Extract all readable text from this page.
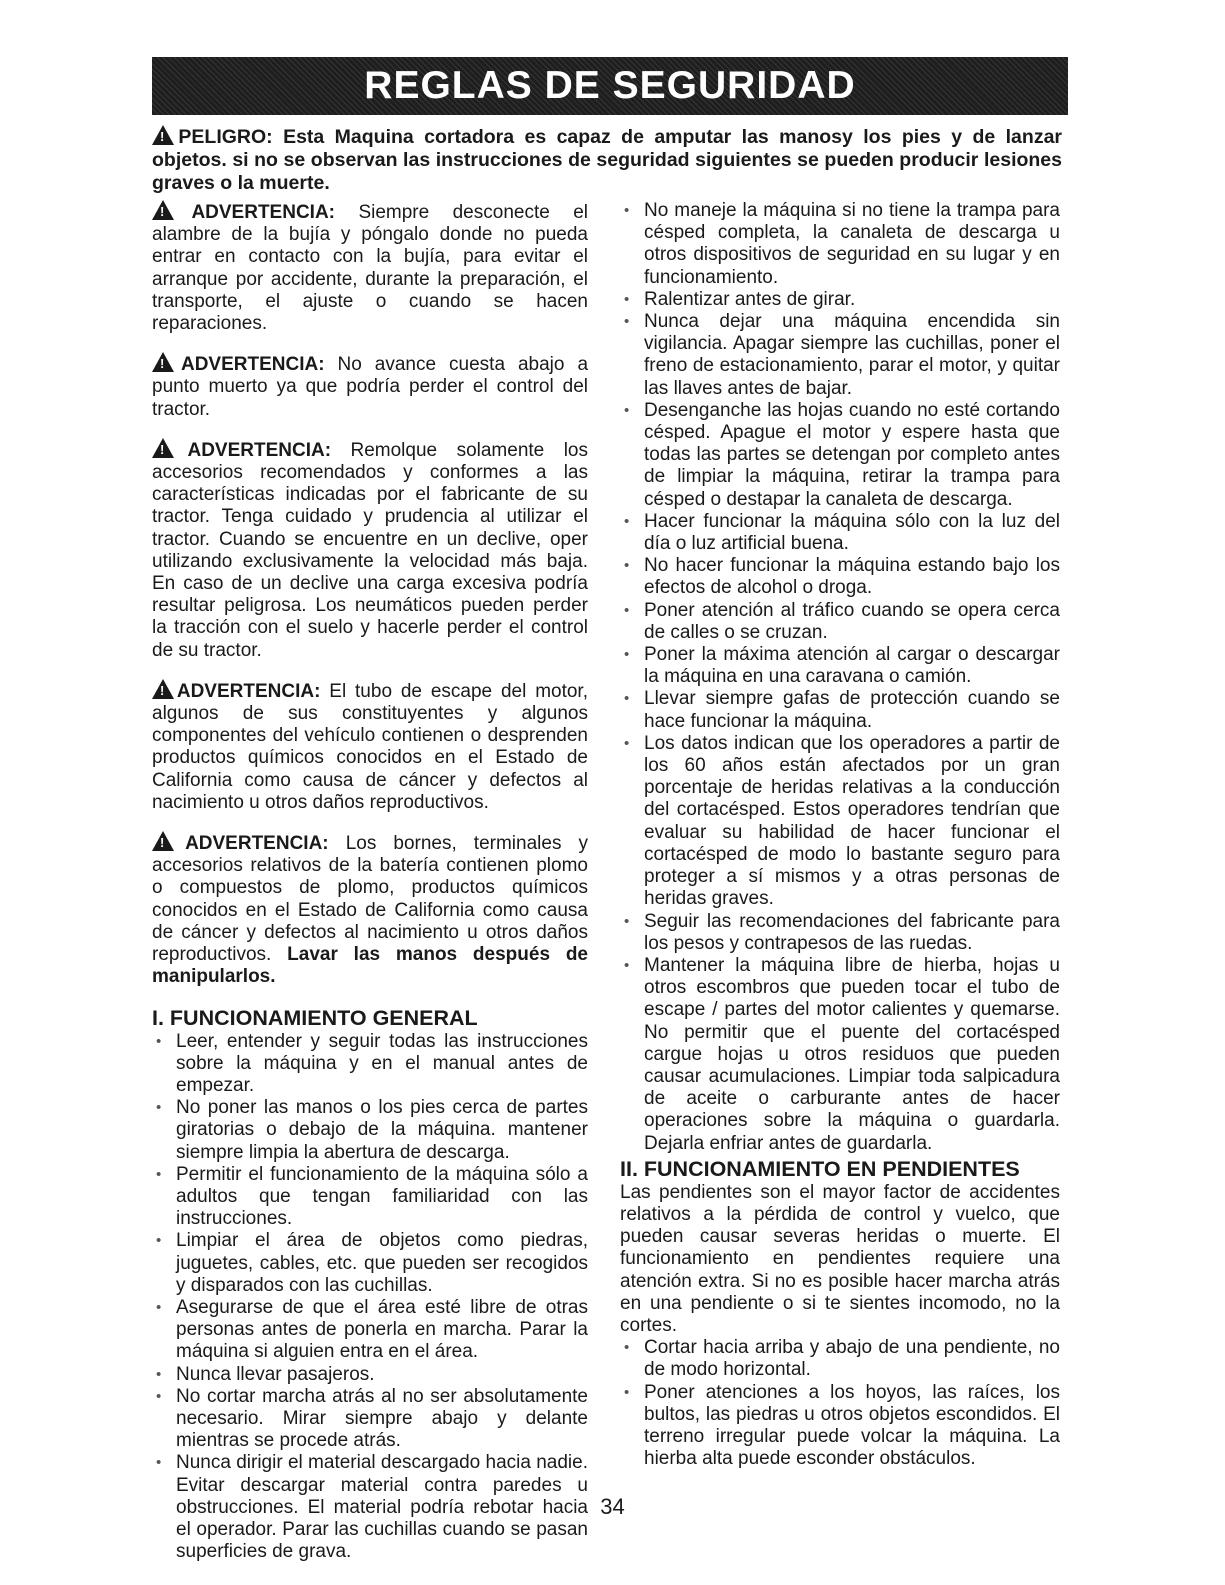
REGLAS DE SEGURIDAD
! PELIGRO: Esta Maquina cortadora es capaz de amputar las manosy los pies y de lanzar objetos. si no se observan las instrucciones de seguridad siguientes se pueden producir lesiones graves o la muerte.

! ADVERTENCIA: Siempre desconecte el alambre de la bujía y póngalo donde no pueda entrar en contacto con la bujía, para evitar el arranque por accidente, durante la preparación, el transporte, el ajuste o cuando se hacen reparaciones.

! ADVERTENCIA: No avance cuesta abajo a punto muerto ya que podría perder el control del tractor.

! ADVERTENCIA: Remolque solamente los accesorios recomendados y conformes a las características indicadas por el fabricante de su tractor. Tenga cuidado y prudencia al utilizar el tractor. Cuando se encuentre en un declive, oper utilizando exclusivamente la velocidad más baja. En caso de un declive una carga excesiva podría resultar peligrosa. Los neumáticos pueden perder la tracción con el suelo y hacerle perder el control de su tractor.

! ADVERTENCIA: El tubo de escape del motor, algunos de sus constituyentes y algunos componentes del vehículo contienen o desprenden productos químicos conocidos en el Estado de California como causa de cáncer y defectos al nacimiento u otros daños reproductivos.

! ADVERTENCIA: Los bornes, terminales y accesorios relativos de la batería contienen plomo o compuestos de plomo, productos químicos conocidos en el Estado de California como causa de cáncer y defectos al nacimiento u otros daños reproductivos. Lavar las manos después de manipularlos.

I. FUNCIONAMIENTO GENERAL
• Leer, entender y seguir todas las instrucciones sobre la máquina y en el manual antes de empezar.
• No poner las manos o los pies cerca de partes giratorias o debajo de la máquina. mantener siempre limpia la abertura de descarga.
• Permitir el funcionamiento de la máquina sólo a adultos que tengan familiaridad con las instrucciones.
• Limpiar el área de objetos como piedras, juguetes, cables, etc. que pueden ser recogidos y disparados con las cuchillas.
• Asegurarse de que el área esté libre de otras personas antes de ponerla en marcha. Parar la máquina si alguien entra en el área.
• Nunca llevar pasajeros.
• No cortar marcha atrás al no ser absolutamente necesario. Mirar siempre abajo y delante mientras se procede atrás.
• Nunca dirigir el material descargado hacia nadie. Evitar descargar material contra paredes u obstrucciones. El material podría rebotar hacia el operador. Parar las cuchillas cuando se pasan superficies de grava.
• No maneje la máquina si no tiene la trampa para césped completa, la canaleta de descarga u otros dispositivos de seguridad en su lugar y en funcionamiento.
• Ralentizar antes de girar.
• Nunca dejar una máquina encendida sin vigilancia. Apagar siempre las cuchillas, poner el freno de estacionamiento, parar el motor, y quitar las llaves antes de bajar.
• Desenganche las hojas cuando no esté cortando césped. Apague el motor y espere hasta que todas las partes se detengan por completo antes de limpiar la máquina, retirar la trampa para césped o destapar la canaleta de descarga.
• Hacer funcionar la máquina sólo con la luz del día o luz artificial buena.
• No hacer funcionar la máquina estando bajo los efectos de alcohol o droga.
• Poner atención al tráfico cuando se opera cerca de calles o se cruzan.
• Poner la máxima atención al cargar o descargar la máquina en una caravana o camión.
• Llevar siempre gafas de protección cuando se hace funcionar la máquina.
• Los datos indican que los operadores a partir de los 60 años están afectados por un gran porcentaje de heridas relativas a la conducción del cortacésped. Estos operadores tendrían que evaluar su habilidad de hacer funcionar el cortacésped de modo lo bastante seguro para proteger a sí mismos y a otras personas de heridas graves.
• Seguir las recomendaciones del fabricante para los pesos y contrapesos de las ruedas.
• Mantener la máquina libre de hierba, hojas u otros escombros que pueden tocar el tubo de escape / partes del motor calientes y quemarse. No permitir que el puente del cortacésped cargue hojas u otros residuos que pueden causar acumulaciones. Limpiar toda salpicadura de aceite o carburante antes de hacer operaciones sobre la máquina o guardarla. Dejarla enfriar antes de guardarla.
II. FUNCIONAMIENTO EN PENDIENTES

Las pendientes son el mayor factor de accidentes relativos a la pérdida de control y vuelco, que pueden causar severas heridas o muerte. El funcionamiento en pendientes requiere una atención extra. Si no es posible hacer marcha atrás en una pendiente o si te sientes incomodo, no la cortes.

• Cortar hacia arriba y abajo de una pendiente, no de modo horizontal.
• Poner atenciones a los hoyos, las raíces, los bultos, las piedras u otros objetos escondidos. El terreno irregular puede volcar la máquina. La hierba alta puede esconder obstáculos.
34
